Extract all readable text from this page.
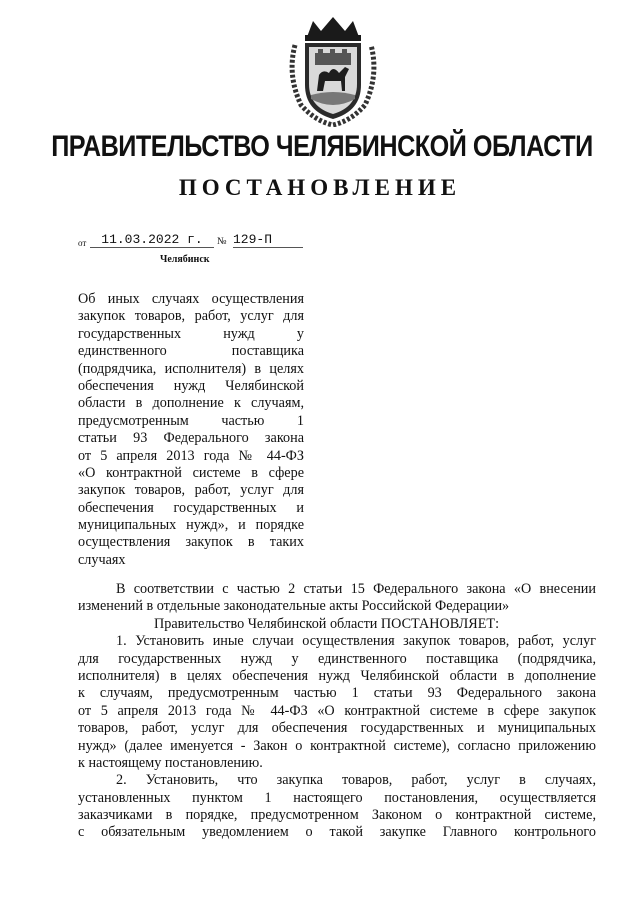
ПРАВИТЕЛЬСТВО ЧЕЛЯБИНСКОЙ ОБЛАСТИ
ПОСТАНОВЛЕНИЕ
от	11.03.2022 г.	№ 129-П
Челябинск
Об иных случаях осуществления
закупок товаров, работ, услуг для
государственных нужд у
единственного поставщика
(подрядчика, исполнителя) в целях
обеспечения нужд Челябинской
области в дополнение к случаям,
предусмотренным частью 1
статьи 93 Федерального закона
от 5 апреля 2013 года № 44-ФЗ
«О контрактной системе в сфере
закупок товаров, работ, услуг для
обеспечения государственных и
муниципальных нужд», и порядке
осуществления закупок в таких
случаях
В соответствии с частью 2 статьи 15 Федерального закона «О внесении
изменений в отдельные законодательные акты Российской Федерации»
Правительство Челябинской области ПОСТАНОВЛЯЕТ:
1. Установить иные случаи осуществления закупок товаров, работ, услуг
для государственных нужд у единственного поставщика (подрядчика,
исполнителя) в целях обеспечения нужд Челябинской области в дополнение
к случаям, предусмотренным частью 1 статьи 93 Федерального закона
от 5 апреля 2013 года № 44-ФЗ «О контрактной системе в сфере закупок
товаров, работ, услуг для обеспечения государственных и муниципальных
нужд» (далее именуется - Закон о контрактной системе), согласно приложению
к настоящему постановлению.
2. Установить, что закупка товаров, работ, услуг в случаях,
установленных пунктом 1 настоящего постановления, осуществляется
заказчиками в порядке, предусмотренном Законом о контрактной системе,
с обязательным уведомлением о такой закупке Главного контрольного
